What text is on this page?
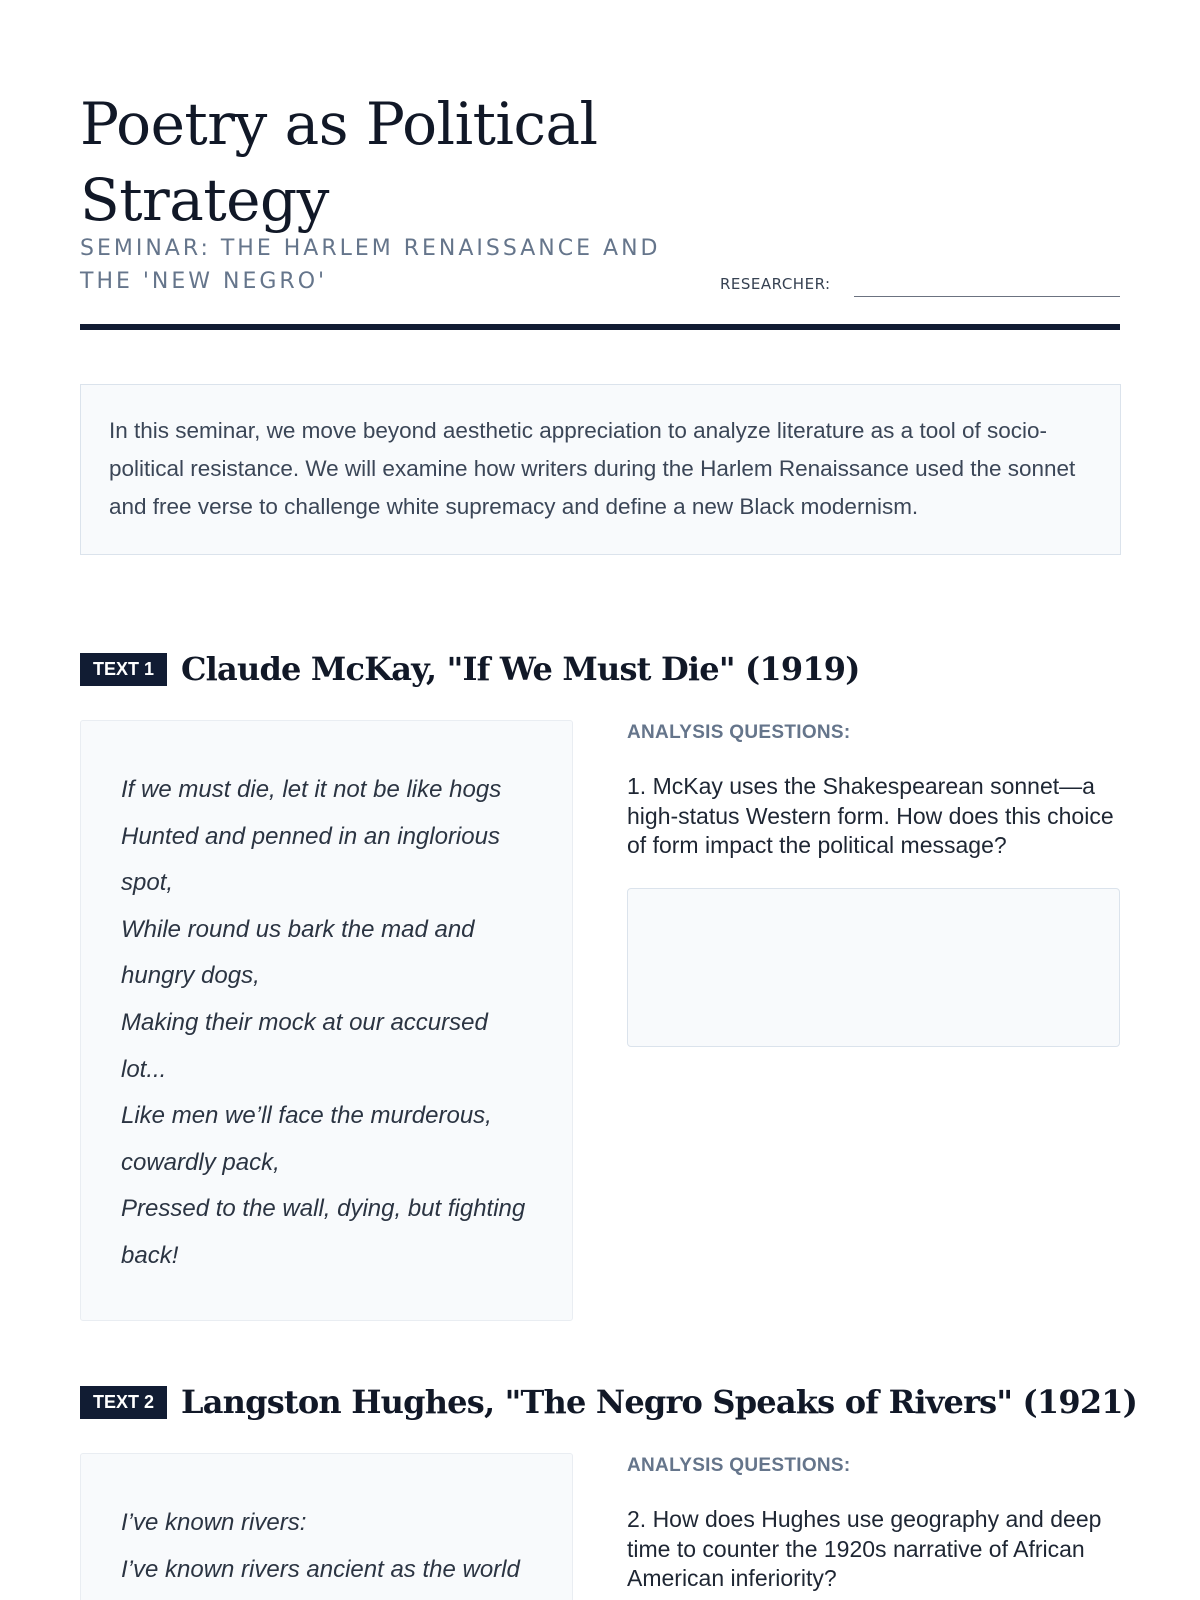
Poetry as Political Strategy
SEMINAR: THE HARLEM RENAISSANCE AND THE 'NEW NEGRO'	RESEARCHER:
In this seminar, we move beyond aesthetic appreciation to analyze literature as a tool of socio-political resistance. We will examine how writers during the Harlem Renaissance used the sonnet and free verse to challenge white supremacy and define a new Black modernism.
TEXT 1 Claude McKay, "If We Must Die" (1919)
If we must die, let it not be like hogs
Hunted and penned in an inglorious spot,
While round us bark the mad and hungry dogs,
Making their mock at our accursed lot...
Like men we’ll face the murderous, cowardly pack,
Pressed to the wall, dying, but fighting back!
ANALYSIS QUESTIONS:

1. McKay uses the Shakespearean sonnet—a high-status Western form. How does this choice of form impact the political message?

TEXT 2 Langston Hughes, "The Negro Speaks of Rivers" (1921)
I’ve known rivers:
I’ve known rivers ancient as the world
ANALYSIS QUESTIONS:

2. How does Hughes use geography and deep time to counter the 1920s narrative of African American inferiority?
